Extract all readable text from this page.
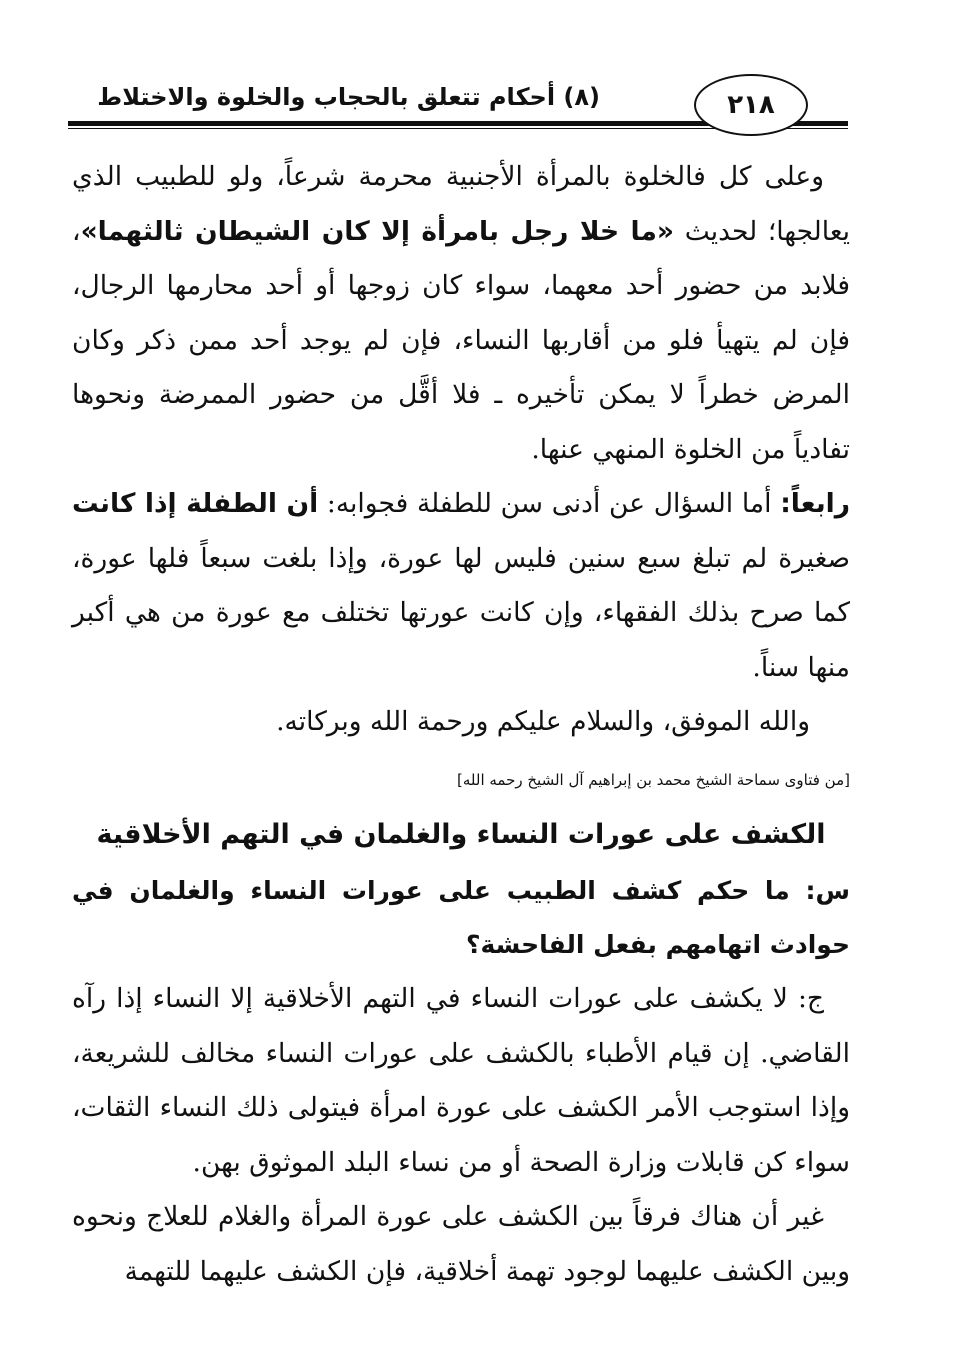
٢١٨
(٨) أحكام تتعلق بالحجاب والخلوة والاختلاط

وعلى كل فالخلوة بالمرأة الأجنبية محرمة شرعاً، ولو للطبيب الذي يعالجها؛ لحديث «ما خلا رجل بامرأة إلا كان الشيطان ثالثهما»، فلابد من حضور أحد معهما، سواء كان زوجها أو أحد محارمها الرجال، فإن لم يتهيأ فلو من أقاربها النساء، فإن لم يوجد أحد ممن ذكر وكان المرض خطراً لا يمكن تأخيره ـ فلا أقَّل من حضور الممرضة ونحوها تفادياً من الخلوة المنهي عنها.

رابعاً: أما السؤال عن أدنى سن للطفلة فجوابه: أن الطفلة إذا كانت صغيرة لم تبلغ سبع سنين فليس لها عورة، وإذا بلغت سبعاً فلها عورة، كما صرح بذلك الفقهاء، وإن كانت عورتها تختلف مع عورة من هي أكبر منها سناً.

والله الموفق، والسلام عليكم ورحمة الله وبركاته.

[من فتاوى سماحة الشيخ محمد بن إبراهيم آل الشيخ رحمه الله]

الكشف على عورات النساء والغلمان في التهم الأخلاقية

س: ما حكم كشف الطبيب على عورات النساء والغلمان في حوادث اتهامهم بفعل الفاحشة؟

ج: لا يكشف على عورات النساء في التهم الأخلاقية إلا النساء إذا رآه القاضي. إن قيام الأطباء بالكشف على عورات النساء مخالف للشريعة، وإذا استوجب الأمر الكشف على عورة امرأة فيتولى ذلك النساء الثقات، سواء كن قابلات وزارة الصحة أو من نساء البلد الموثوق بهن.

غير أن هناك فرقاً بين الكشف على عورة المرأة والغلام للعلاج ونحوه وبين الكشف عليهما لوجود تهمة أخلاقية، فإن الكشف عليهما للتهمة
